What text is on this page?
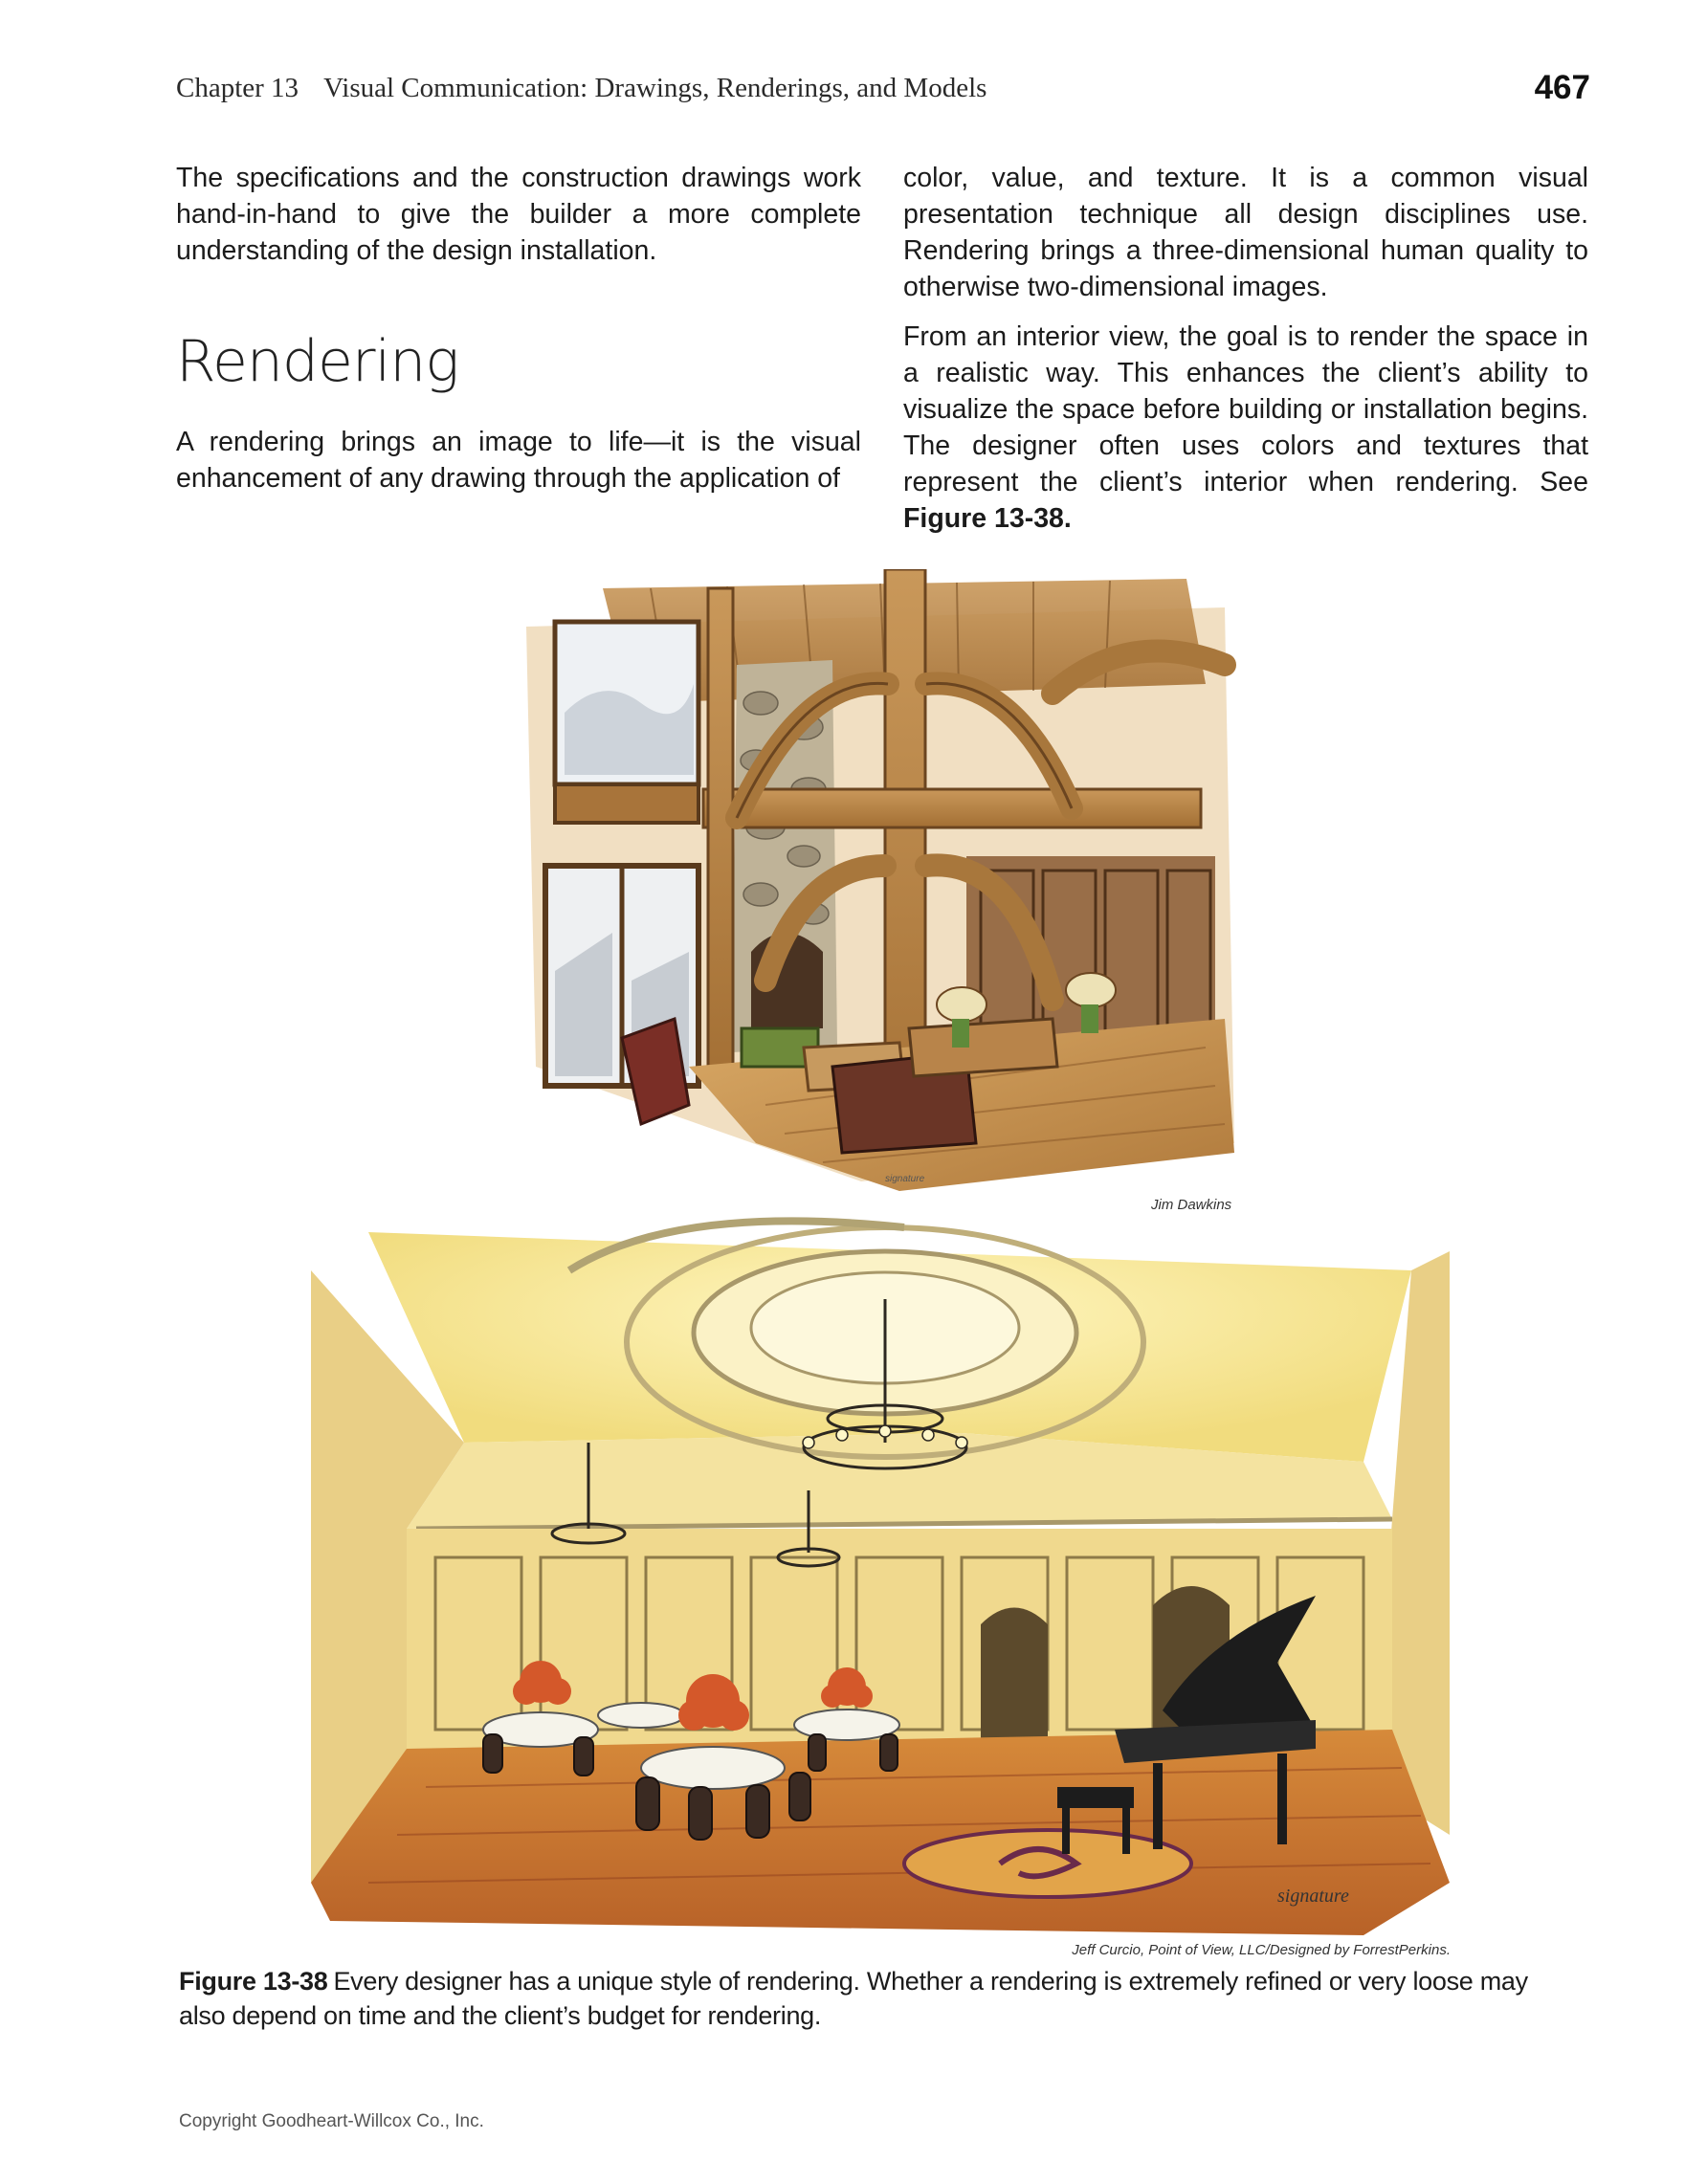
Chapter 13 Visual Communication: Drawings, Renderings, and Models	467

The specifications and the construction drawings work hand-in-hand to give the builder a more complete understanding of the design installation.

Rendering

A rendering brings an image to life—it is the visual enhancement of any drawing through the application of

color, value, and texture. It is a common visual presentation technique all design disciplines use. Rendering brings a three-dimensional human quality to otherwise two-dimensional images.

From an interior view, the goal is to render the space in a realistic way. This enhances the client’s ability to visualize the space before building or installation begins. The designer often uses colors and textures that represent the client’s interior when rendering. See Figure 13-38.

signature
Jim Dawkins
signature
Jeff Curcio, Point of View, LLC/Designed by ForrestPerkins.
Figure 13-38 Every designer has a unique style of rendering. Whether a rendering is extremely refined or very loose may also depend on time and the client’s budget for rendering.
Copyright Goodheart-Willcox Co., Inc.
